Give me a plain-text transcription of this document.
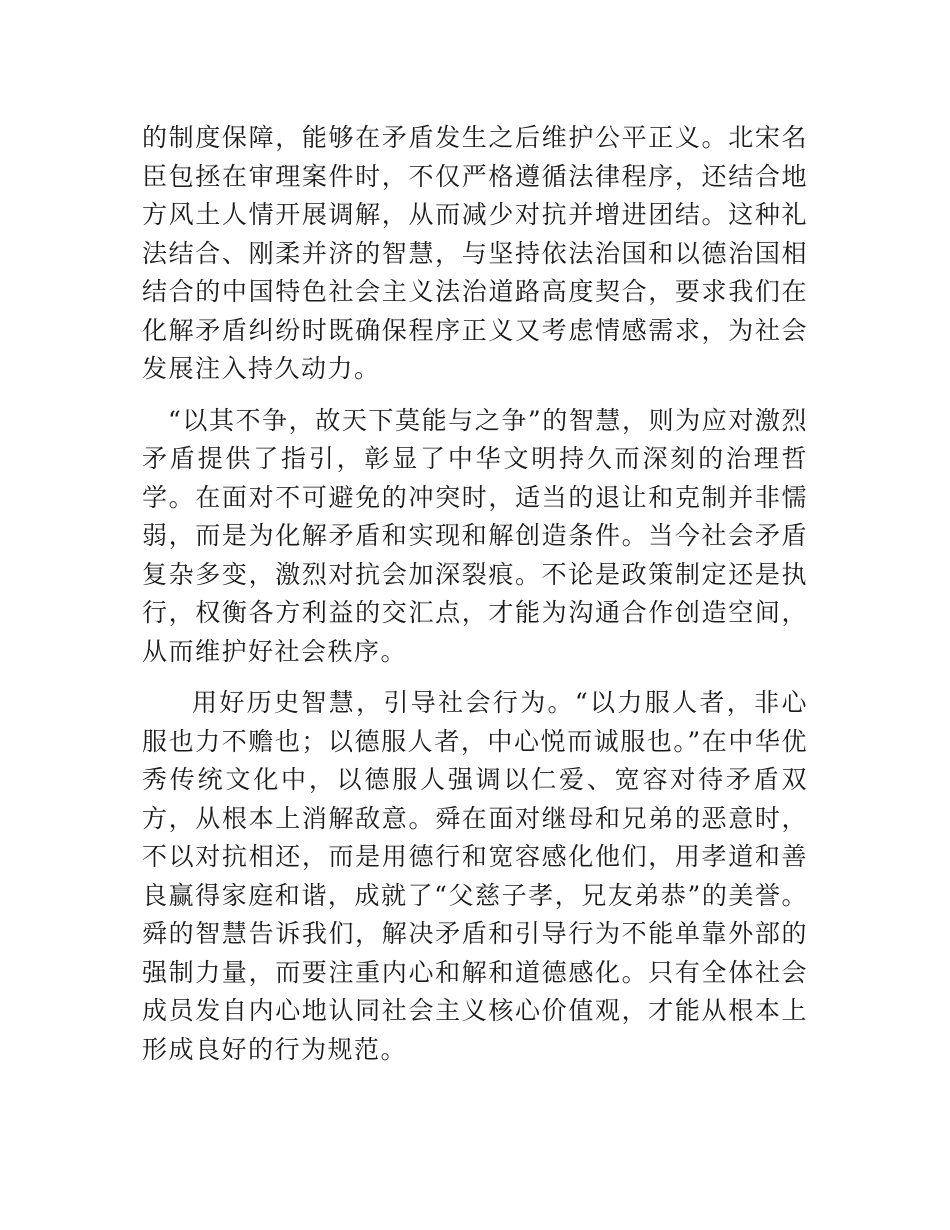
的制度保障，能够在矛盾发生之后维护公平正义。北宋名臣包拯在审理案件时，不仅严格遵循法律程序，还结合地方风土人情开展调解，从而减少对抗并增进团结。这种礼法结合、刚柔并济的智慧，与坚持依法治国和以德治国相结合的中国特色社会主义法治道路高度契合，要求我们在化解矛盾纠纷时既确保程序正义又考虑情感需求，为社会发展注入持久动力。

“以其不争，故天下莫能与之争”的智慧，则为应对激烈矛盾提供了指引，彰显了中华文明持久而深刻的治理哲学。在面对不可避免的冲突时，适当的退让和克制并非懦弱，而是为化解矛盾和实现和解创造条件。当今社会矛盾复杂多变，激烈对抗会加深裂痕。不论是政策制定还是执行，权衡各方利益的交汇点，才能为沟通合作创造空间，从而维护好社会秩序。

用好历史智慧，引导社会行为。“以力服人者，非心服也力不赡也；以德服人者，中心悦而诚服也。”在中华优秀传统文化中，以德服人强调以仁爱、宽容对待矛盾双方，从根本上消解敌意。舜在面对继母和兄弟的恶意时，不以对抗相还，而是用德行和宽容感化他们，用孝道和善良赢得家庭和谐，成就了“父慈子孝，兄友弟恭”的美誉。舜的智慧告诉我们，解决矛盾和引导行为不能单靠外部的强制力量，而要注重内心和解和道德感化。只有全体社会成员发自内心地认同社会主义核心价值观，才能从根本上形成良好的行为规范。
